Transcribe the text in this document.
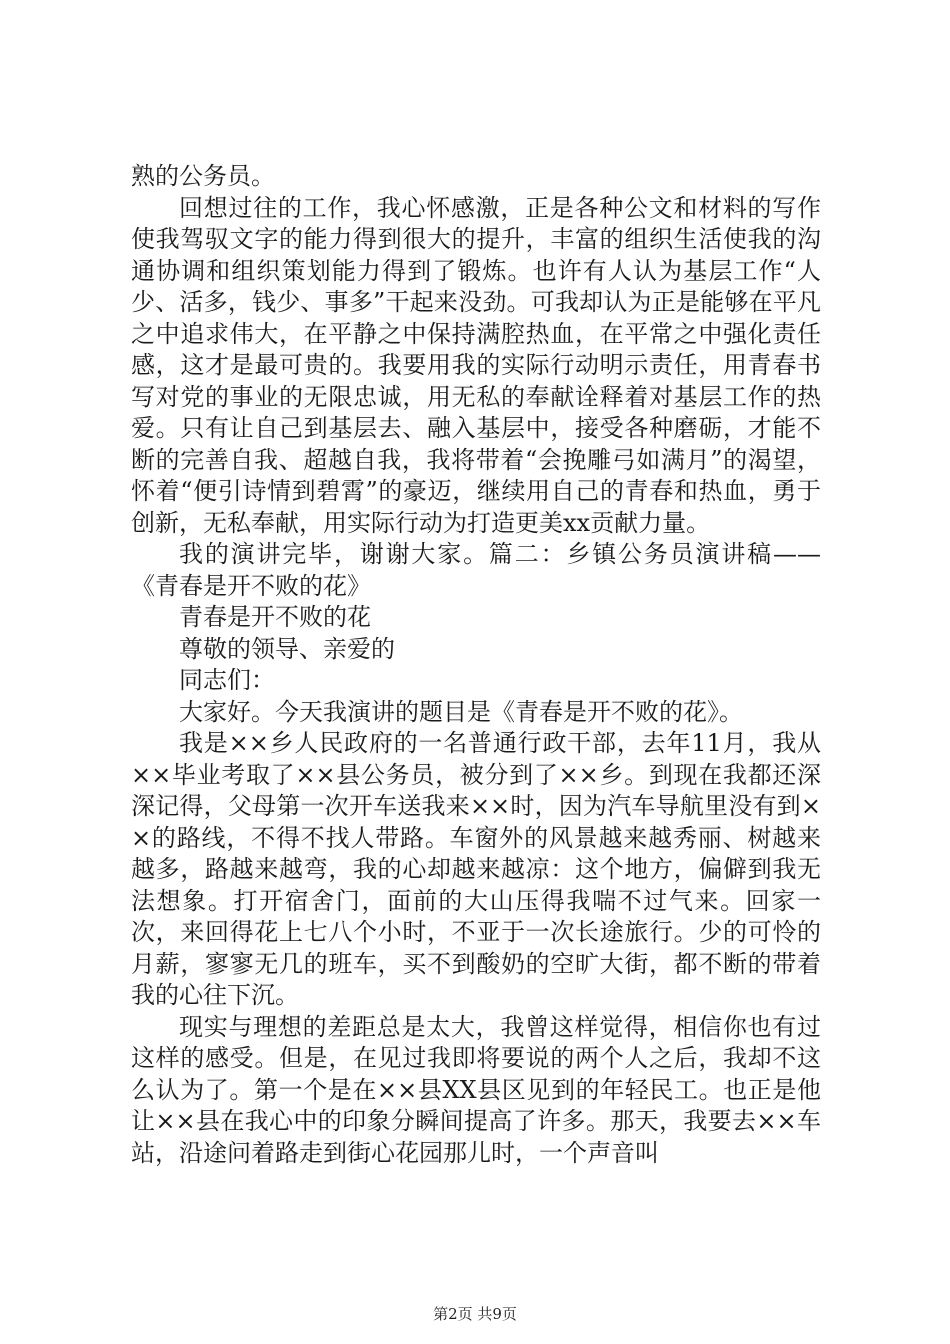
熟的公务员。

回想过往的工作，我心怀感激，正是各种公文和材料的写作使我驾驭文字的能力得到很大的提升，丰富的组织生活使我的沟通协调和组织策划能力得到了锻炼。也许有人认为基层工作“人少、活多，钱少、事多”干起来没劲。可我却认为正是能够在平凡之中追求伟大，在平静之中保持满腔热血，在平常之中强化责任感，这才是最可贵的。我要用我的实际行动明示责任，用青春书写对党的事业的无限忠诚，用无私的奉献诠释着对基层工作的热爱。只有让自己到基层去、融入基层中，接受各种磨砺，才能不断的完善自我、超越自我，我将带着“会挽雕弓如满月”的渴望，怀着“便引诗情到碧霄”的豪迈，继续用自己的青春和热血，勇于创新，无私奉献，用实际行动为打造更美xx贡献力量。

我的演讲完毕，谢谢大家。篇二：乡镇公务员演讲稿——《青春是开不败的花》

青春是开不败的花

尊敬的领导、亲爱的

同志们：

大家好。今天我演讲的题目是《青春是开不败的花》。

我是××乡人民政府的一名普通行政干部，去年11月，我从××毕业考取了××县公务员，被分到了××乡。到现在我都还深深记得，父母第一次开车送我来××时，因为汽车导航里没有到××的路线，不得不找人带路。车窗外的风景越来越秀丽、树越来越多，路越来越弯，我的心却越来越凉：这个地方，偏僻到我无法想象。打开宿舍门，面前的大山压得我喘不过气来。回家一次，来回得花上七八个小时，不亚于一次长途旅行。少的可怜的月薪，寥寥无几的班车，买不到酸奶的空旷大街，都不断的带着我的心往下沉。

现实与理想的差距总是太大，我曾这样觉得，相信你也有过这样的感受。但是，在见过我即将要说的两个人之后，我却不这么认为了。第一个是在××县XX县区见到的年轻民工。也正是他让××县在我心中的印象分瞬间提高了许多。那天，我要去××车站，沿途问着路走到街心花园那儿时，一个声音叫

第2页 共9页
